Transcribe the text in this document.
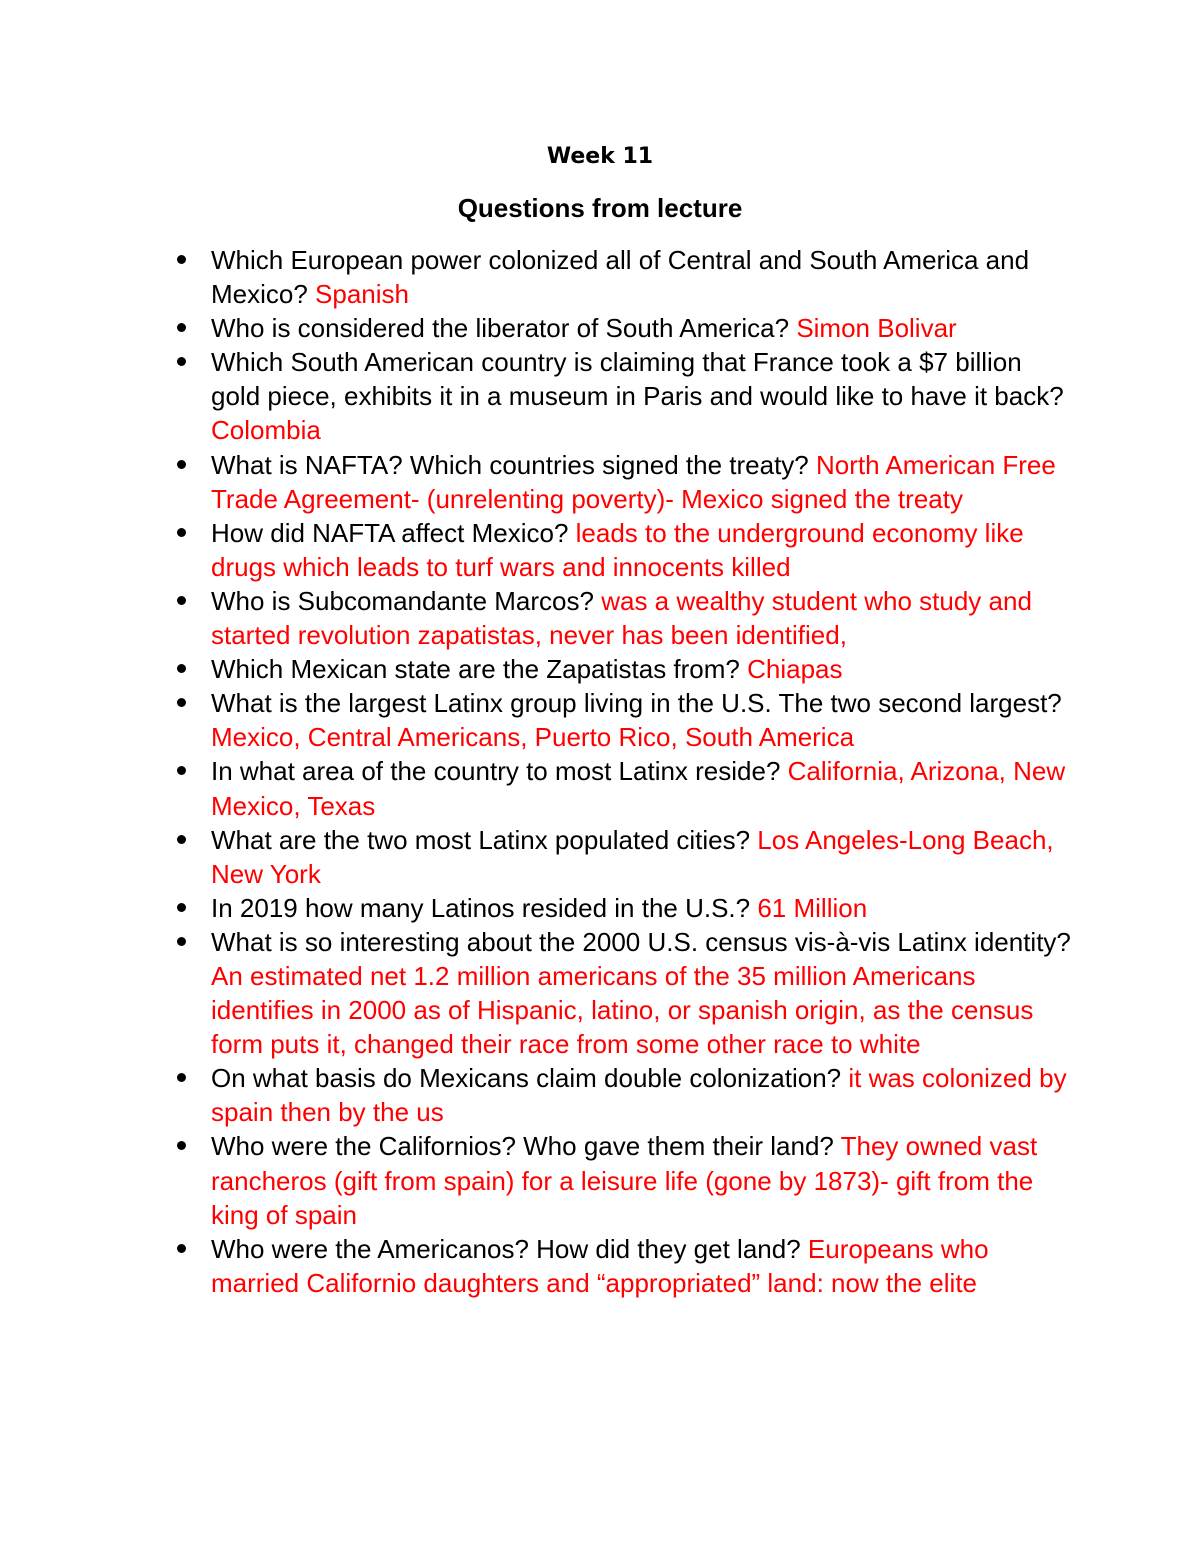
Week 11
Questions from lecture
Which European power colonized all of Central and South America and Mexico? Spanish
Who is considered the liberator of South America? Simon Bolivar
Which South American country is claiming that France took a $7 billion gold piece, exhibits it in a museum in Paris and would like to have it back? Colombia
What is NAFTA? Which countries signed the treaty? North American Free Trade Agreement- (unrelenting poverty)- Mexico signed the treaty
How did NAFTA affect Mexico? leads to the underground economy like drugs which leads to turf wars and innocents killed
Who is Subcomandante Marcos? was a wealthy student who study and started revolution zapatistas, never has been identified,
Which Mexican state are the Zapatistas from? Chiapas
What is the largest Latinx group living in the U.S. The two second largest? Mexico, Central Americans, Puerto Rico, South America
In what area of the country to most Latinx reside? California, Arizona, New Mexico, Texas
What are the two most Latinx populated cities? Los Angeles-Long Beach, New York
In 2019 how many Latinos resided in the U.S.? 61 Million
What is so interesting about the 2000 U.S. census vis-à-vis Latinx identity? An estimated net 1.2 million americans of the 35 million Americans identifies in 2000 as of Hispanic, latino, or spanish origin, as the census form puts it, changed their race from some other race to white
On what basis do Mexicans claim double colonization? it was colonized by spain then by the us
Who were the Californios? Who gave them their land? They owned vast rancheros (gift from spain) for a leisure life (gone by 1873)- gift from the king of spain
Who were the Americanos? How did they get land? Europeans who married Californio daughters and “appropriated” land: now the elite
